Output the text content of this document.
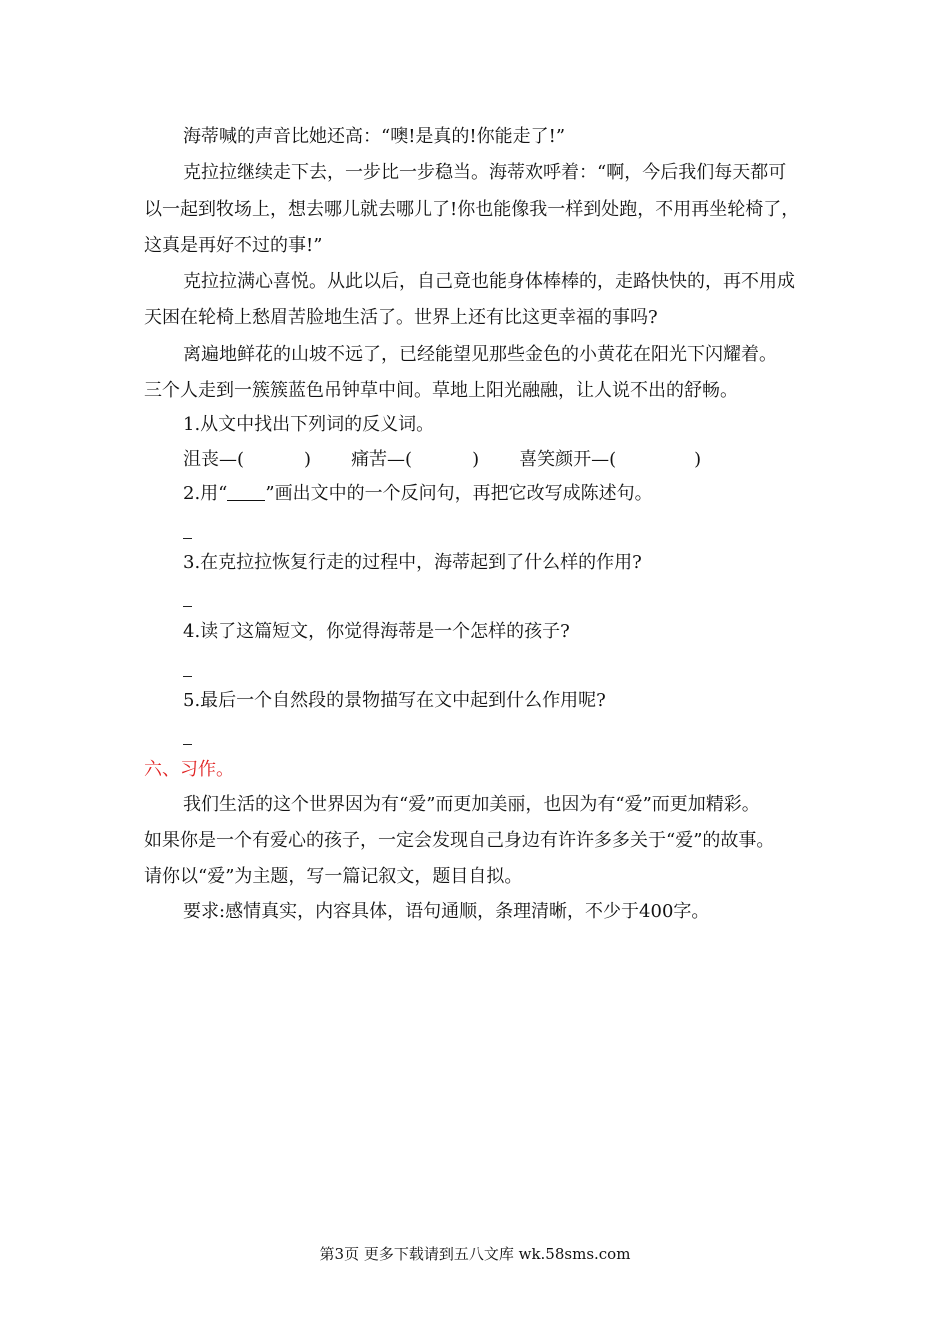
海蒂喊的声音比她还高：“噢!是真的!你能走了!”
克拉拉继续走下去，一步比一步稳当。海蒂欢呼着：“啊，今后我们每天都可
以一起到牧场上，想去哪儿就去哪儿了!你也能像我一样到处跑，不用再坐轮椅了，
这真是再好不过的事!”
克拉拉满心喜悦。从此以后，自己竟也能身体棒棒的，走路快快的，再不用成
天困在轮椅上愁眉苦脸地生活了。世界上还有比这更幸福的事吗?
离遍地鲜花的山坡不远了，已经能望见那些金色的小黄花在阳光下闪耀着。
三个人走到一簇簇蓝色吊钟草中间。草地上阳光融融，让人说不出的舒畅。
1.从文中找出下列词的反义词。
沮丧—(	) 痛苦—(	) 喜笑颜开—(	)
2.用“ ”画出文中的一个反问句，再把它改写成陈述句。
3.在克拉拉恢复行走的过程中，海蒂起到了什么样的作用?
4.读了这篇短文，你觉得海蒂是一个怎样的孩子?
5.最后一个自然段的景物描写在文中起到什么作用呢?
六、习作。
我们生活的这个世界因为有“爱”而更加美丽，也因为有“爱”而更加精彩。
如果你是一个有爱心的孩子，一定会发现自己身边有许许多多关于“爱”的故事。
请你以“爱”为主题，写一篇记叙文，题目自拟。
要求:感情真实，内容具体，语句通顺，条理清晰，不少于400字。
第3页 更多下载请到五八文库 wk.58sms.com
